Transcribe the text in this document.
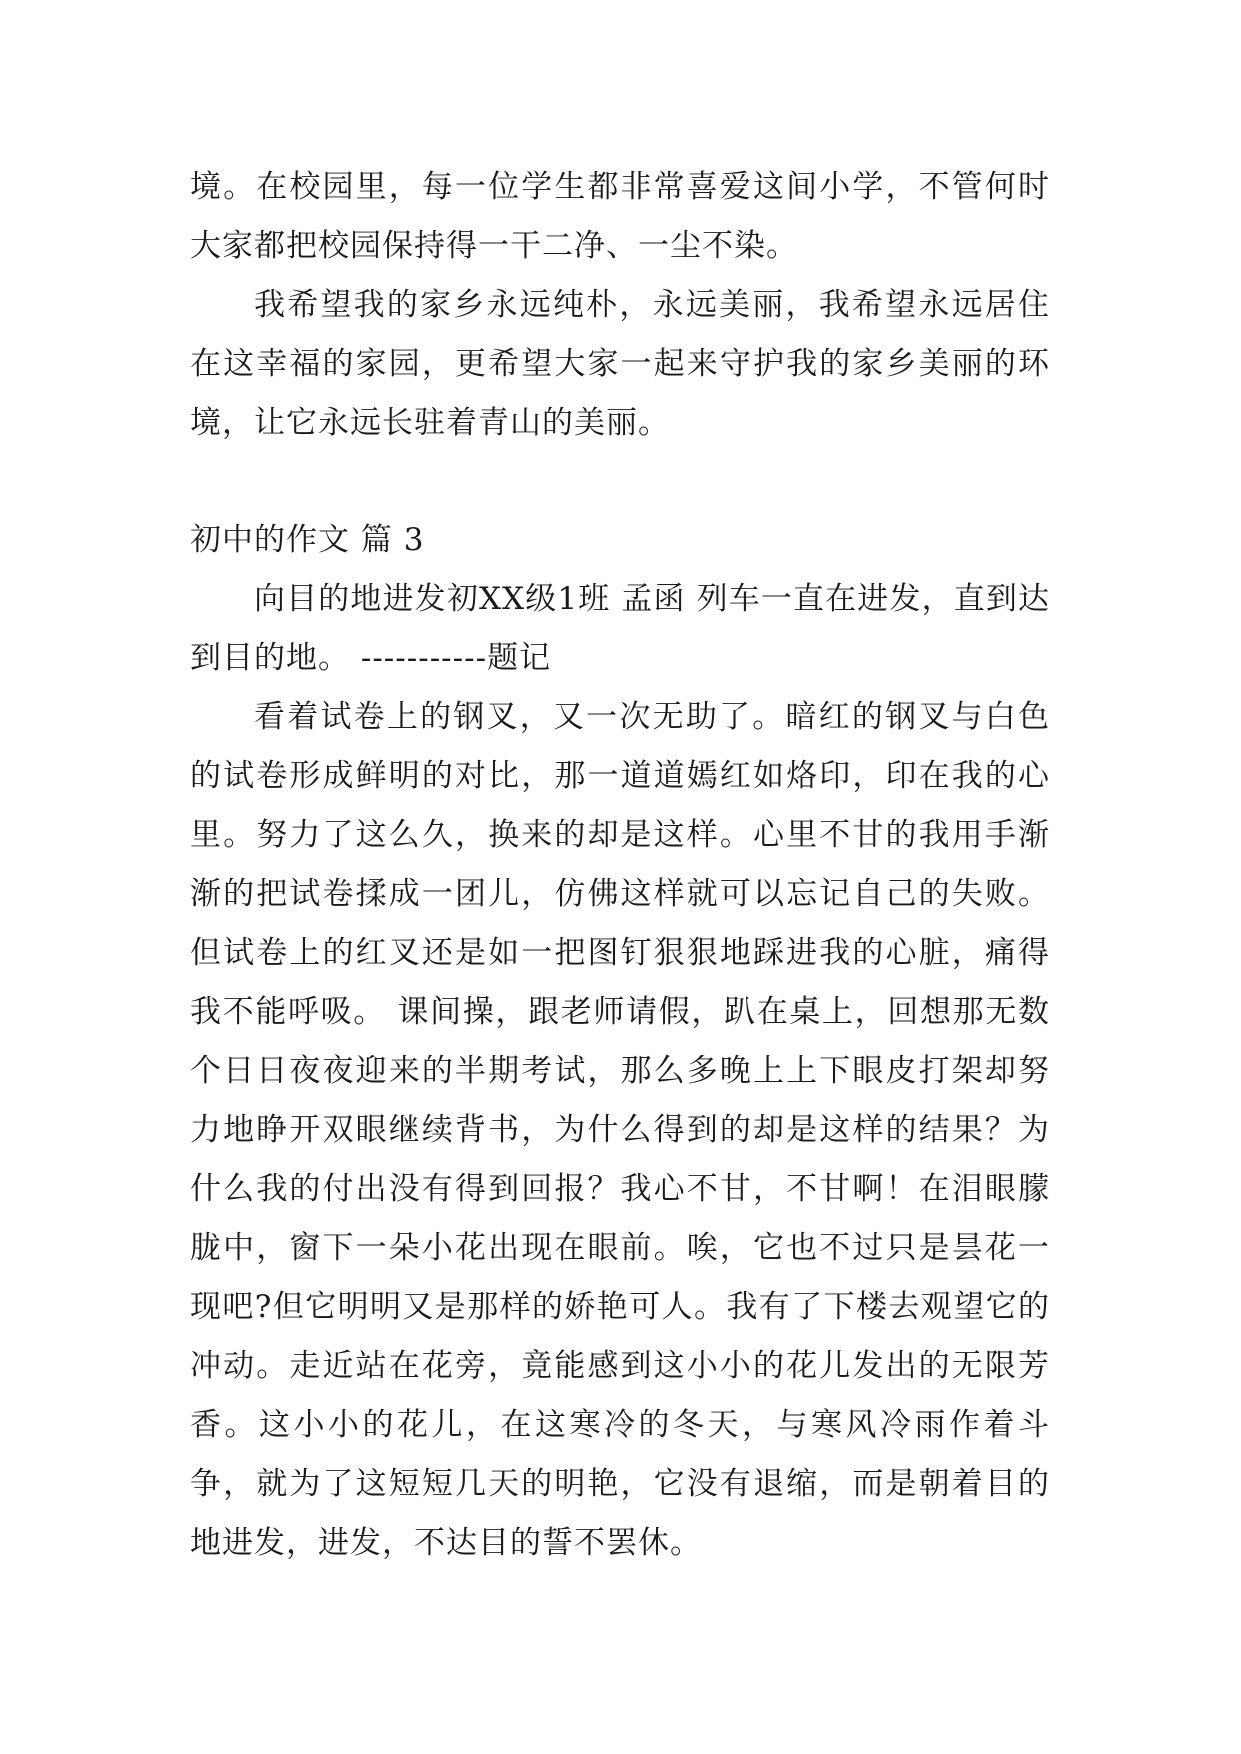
境。在校园里，每一位学生都非常喜爱这间小学，不管何时大家都把校园保持得一干二净、一尘不染。

我希望我的家乡永远纯朴，永远美丽，我希望永远居住在这幸福的家园，更希望大家一起来守护我的家乡美丽的环境，让它永远长驻着青山的美丽。

初中的作文 篇 3

向目的地进发初XX级1班 孟函 列车一直在进发，直到达到目的地。 -----------题记

看着试卷上的钢叉，又一次无助了。暗红的钢叉与白色的试卷形成鲜明的对比，那一道道嫣红如烙印，印在我的心里。努力了这么久，换来的却是这样。心里不甘的我用手渐渐的把试卷揉成一团儿，仿佛这样就可以忘记自己的失败。但试卷上的红叉还是如一把图钉狠狠地踩进我的心脏，痛得我不能呼吸。 课间操，跟老师请假，趴在桌上，回想那无数个日日夜夜迎来的半期考试，那么多晚上上下眼皮打架却努力地睁开双眼继续背书，为什么得到的却是这样的结果？为什么我的付出没有得到回报？我心不甘，不甘啊！在泪眼朦胧中，窗下一朵小花出现在眼前。唉，它也不过只是昙花一现吧?但它明明又是那样的娇艳可人。我有了下楼去观望它的冲动。走近站在花旁，竟能感到这小小的花儿发出的无限芳香。这小小的花儿，在这寒冷的冬天，与寒风冷雨作着斗争，就为了这短短几天的明艳，它没有退缩，而是朝着目的地进发，进发，不达目的誓不罢休。
